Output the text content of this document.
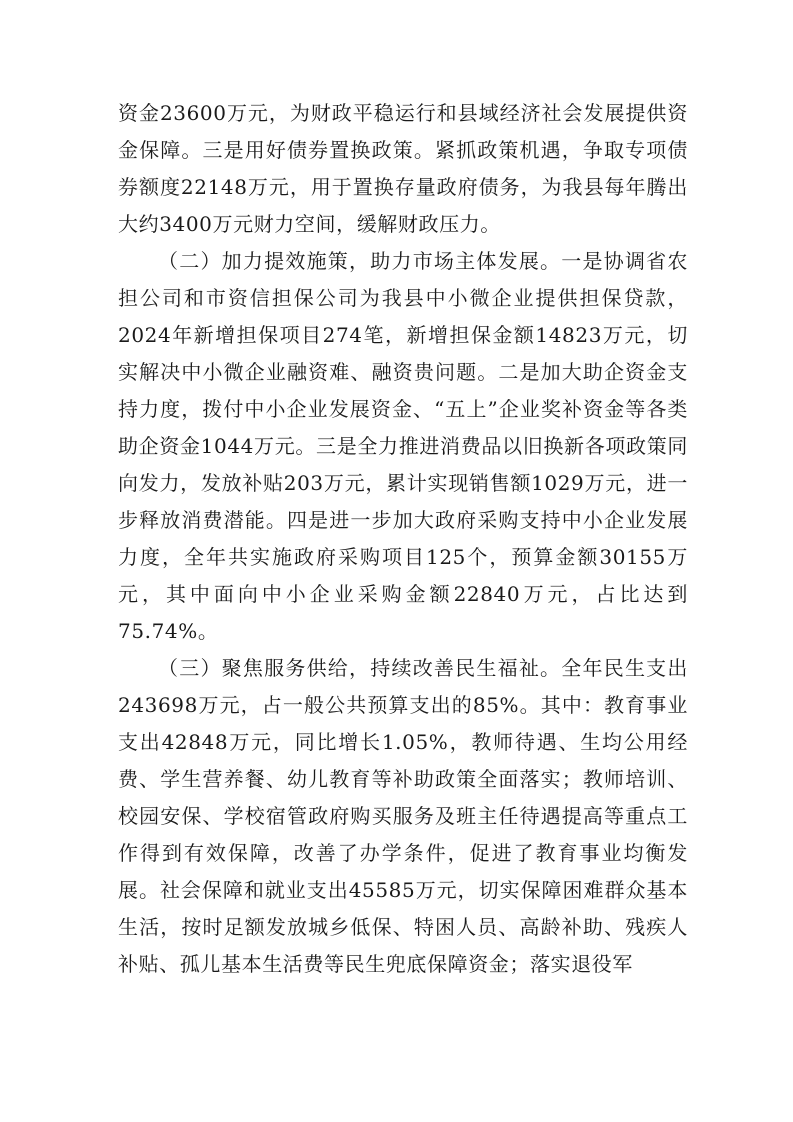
资金23600万元，为财政平稳运行和县域经济社会发展提供资金保障。三是用好债券置换政策。紧抓政策机遇，争取专项债券额度22148万元，用于置换存量政府债务，为我县每年腾出大约3400万元财力空间，缓解财政压力。

（二）加力提效施策，助力市场主体发展。一是协调省农担公司和市资信担保公司为我县中小微企业提供担保贷款，2024年新增担保项目274笔，新增担保金额14823万元，切实解决中小微企业融资难、融资贵问题。二是加大助企资金支持力度，拨付中小企业发展资金、“五上”企业奖补资金等各类助企资金1044万元。三是全力推进消费品以旧换新各项政策同向发力，发放补贴203万元，累计实现销售额1029万元，进一步释放消费潜能。四是进一步加大政府采购支持中小企业发展力度，全年共实施政府采购项目125个，预算金额30155万元，其中面向中小企业采购金额22840万元，占比达到75.74%。

（三）聚焦服务供给，持续改善民生福祉。全年民生支出243698万元，占一般公共预算支出的85%。其中：教育事业支出42848万元，同比增长1.05%，教师待遇、生均公用经费、学生营养餐、幼儿教育等补助政策全面落实；教师培训、校园安保、学校宿管政府购买服务及班主任待遇提高等重点工作得到有效保障，改善了办学条件，促进了教育事业均衡发展。社会保障和就业支出45585万元，切实保障困难群众基本生活，按时足额发放城乡低保、特困人员、高龄补助、残疾人补贴、孤儿基本生活费等民生兜底保障资金；落实退役军
